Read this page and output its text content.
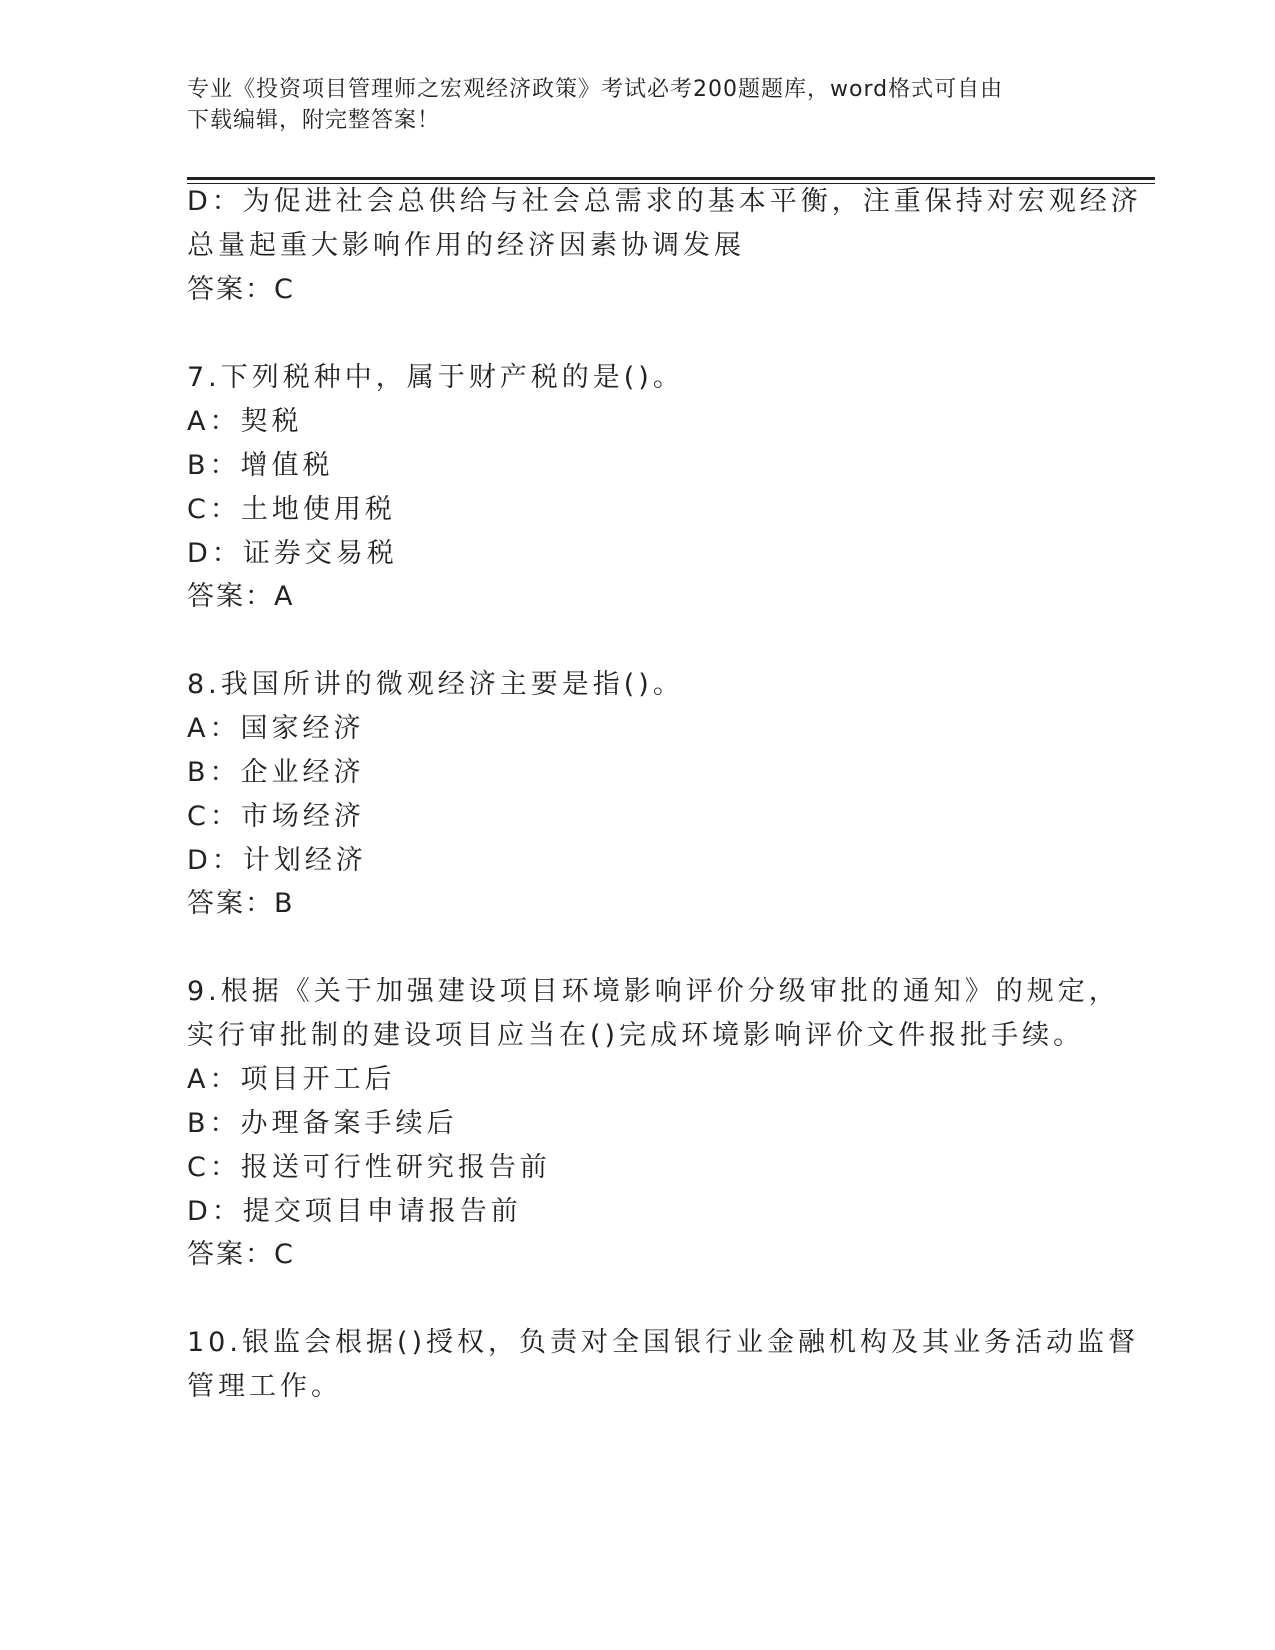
专业《投资项目管理师之宏观经济政策》考试必考200题题库，word格式可自由
下载编辑，附完整答案！
D：为促进社会总供给与社会总需求的基本平衡，注重保持对宏观经济
总量起重大影响作用的经济因素协调发展
答案：C
7.下列税种中，属于财产税的是()。
A：契税
B：增值税
C：土地使用税
D：证券交易税
答案：A
8.我国所讲的微观经济主要是指()。
A：国家经济
B：企业经济
C：市场经济
D：计划经济
答案：B
9.根据《关于加强建设项目环境影响评价分级审批的通知》的规定，
实行审批制的建设项目应当在()完成环境影响评价文件报批手续。
A：项目开工后
B：办理备案手续后
C：报送可行性研究报告前
D：提交项目申请报告前
答案：C
10.银监会根据()授权，负责对全国银行业金融机构及其业务活动监督
管理工作。
